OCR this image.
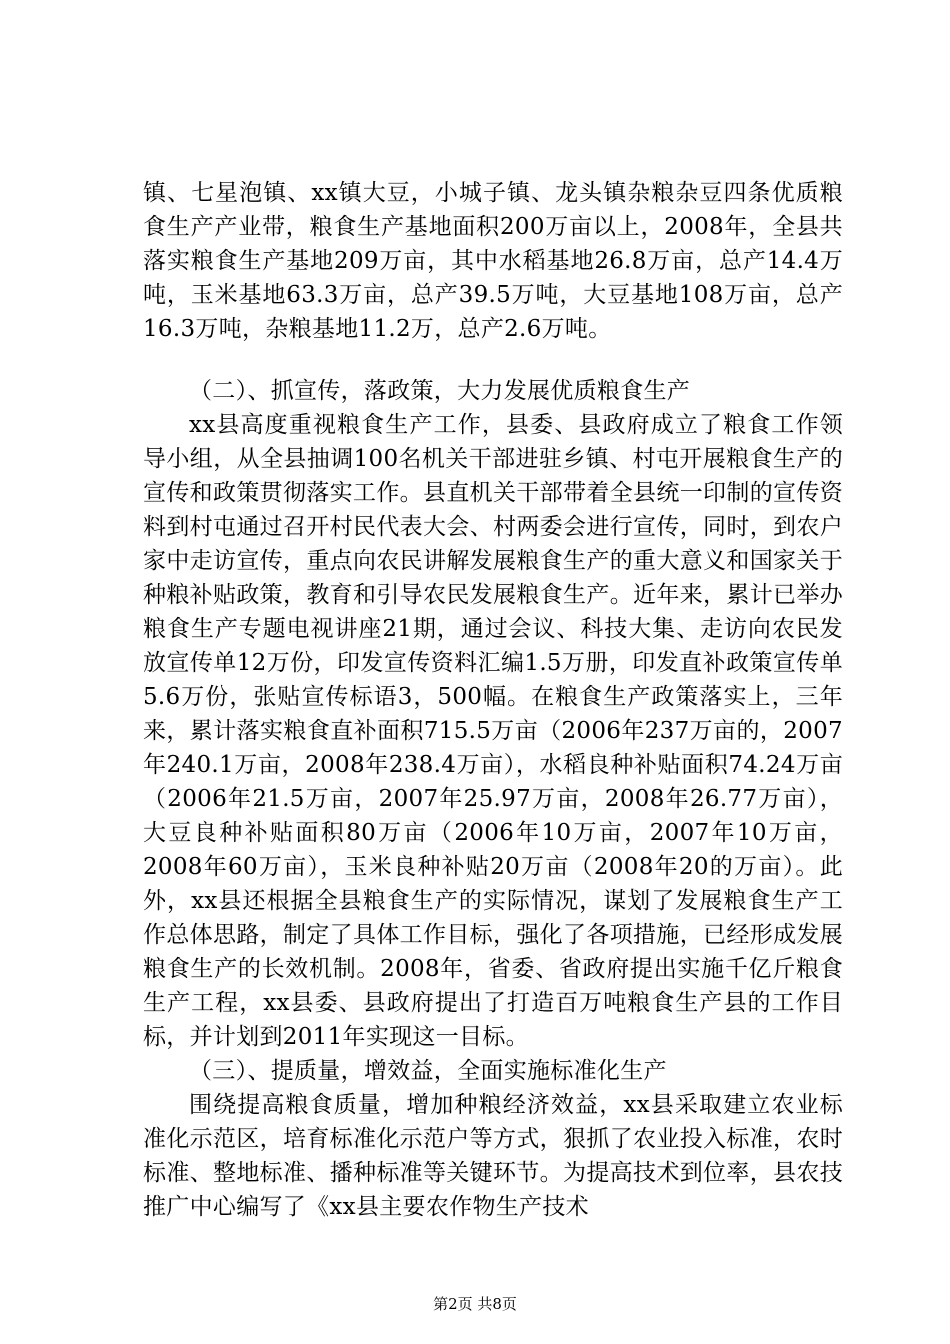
镇、七星泡镇、xx镇大豆，小城子镇、龙头镇杂粮杂豆四条优质粮食生产产业带，粮食生产基地面积200万亩以上，2008年，全县共落实粮食生产基地209万亩，其中水稻基地26.8万亩，总产14.4万吨，玉米基地63.3万亩，总产39.5万吨，大豆基地108万亩，总产16.3万吨，杂粮基地11.2万，总产2.6万吨。

（二）、抓宣传，落政策，大力发展优质粮食生产

xx县高度重视粮食生产工作，县委、县政府成立了粮食工作领导小组，从全县抽调100名机关干部进驻乡镇、村屯开展粮食生产的宣传和政策贯彻落实工作。县直机关干部带着全县统一印制的宣传资料到村屯通过召开村民代表大会、村两委会进行宣传，同时，到农户家中走访宣传，重点向农民讲解发展粮食生产的重大意义和国家关于种粮补贴政策，教育和引导农民发展粮食生产。近年来，累计已举办粮食生产专题电视讲座21期，通过会议、科技大集、走访向农民发放宣传单12万份，印发宣传资料汇编1.5万册，印发直补政策宣传单5.6万份，张贴宣传标语3，500幅。在粮食生产政策落实上，三年来，累计落实粮食直补面积715.5万亩（2006年237万亩的，2007年240.1万亩，2008年238.4万亩），水稻良种补贴面积74.24万亩（2006年21.5万亩，2007年25.97万亩，2008年26.77万亩），大豆良种补贴面积80万亩（2006年10万亩，2007年10万亩，2008年60万亩），玉米良种补贴20万亩（2008年20的万亩）。此外，xx县还根据全县粮食生产的实际情况，谋划了发展粮食生产工作总体思路，制定了具体工作目标，强化了各项措施，已经形成发展粮食生产的长效机制。2008年，省委、省政府提出实施千亿斤粮食生产工程，xx县委、县政府提出了打造百万吨粮食生产县的工作目标，并计划到2011年实现这一目标。

（三）、提质量，增效益，全面实施标准化生产

围绕提高粮食质量，增加种粮经济效益，xx县采取建立农业标准化示范区，培育标准化示范户等方式，狠抓了农业投入标准，农时标准、整地标准、播种标准等关键环节。为提高技术到位率，县农技推广中心编写了《xx县主要农作物生产技术

第2页 共8页
